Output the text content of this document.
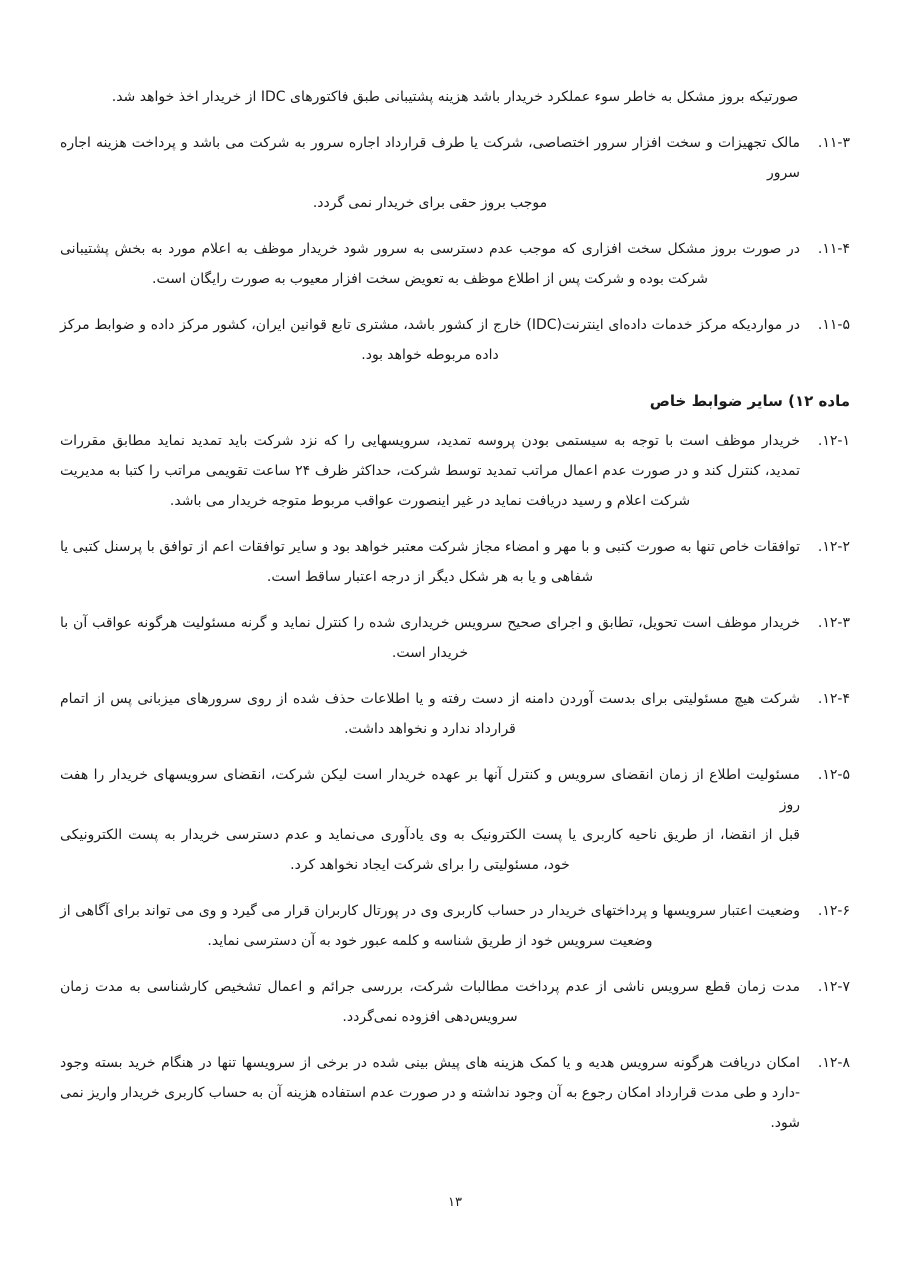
صورتیکه بروز مشکل به خاطر سوء عملکرد خریدار باشد هزینه پشتیبانی طبق فاکتورهای IDC از خریدار اخذ خواهد شد.

۱۱-۳.
مالک تجهیزات و سخت افزار سرور اختصاصی، شرکت یا طرف قرارداد اجاره سرور به شرکت می باشد و پرداخت هزینه اجاره سرور
موجب بروز حقی برای خریدار نمی گردد.
۱۱-۴.
در صورت بروز مشکل سخت افزاری که موجب عدم دسترسی به سرور شود خریدار موظف به اعلام مورد به بخش پشتیبانی
شرکت بوده و شرکت پس از اطلاع موظف به تعویض سخت افزار معیوب به صورت رایگان است.
۱۱-۵.
در مواردیکه مرکز خدمات داده‌ای اینترنت(IDC) خارج از کشور باشد، مشتری تابع قوانین ایران، کشور مرکز داده و ضوابط مرکز
داده مربوطه خواهد بود.
ماده ۱۲) سایر ضوابط خاص
۱۲-۱.
خریدار موظف است با توجه به سیستمی بودن پروسه تمدید، سرویسهایی را که نزد شرکت باید تمدید نماید مطابق مقررات
تمدید، کنترل کند و در صورت عدم اعمال مراتب تمدید توسط شرکت، حداکثر ظرف ۲۴ ساعت تقویمی مراتب را کتبا به مدیریت
شرکت اعلام و رسید دریافت نماید در غیر اینصورت عواقب مربوط متوجه خریدار می باشد.
۱۲-۲.
توافقات خاص تنها به صورت کتبی و با مهر و امضاء مجاز شرکت معتبر خواهد بود و سایر توافقات اعم از توافق با پرسنل کتبی یا
شفاهی و یا به هر شکل دیگر از درجه اعتبار ساقط است.
۱۲-۳.
خریدار موظف است تحویل، تطابق و اجرای صحیح سرویس خریداری شده را کنترل نماید و گرنه مسئولیت هرگونه عواقب آن با
خریدار است.
۱۲-۴.
شرکت هیچ مسئولیتی برای بدست آوردن دامنه از دست رفته و یا اطلاعات حذف شده از روی سرورهای میزبانی پس از اتمام
قرارداد ندارد و نخواهد داشت.
۱۲-۵.
مسئولیت اطلاع از زمان انقضای سرویس و کنترل آنها بر عهده خریدار است لیکن شرکت، انقضای سرویسهای خریدار را هفت روز
قبل از انقضا، از طریق ناحیه کاربری یا پست الکترونیک به وی یادآوری می‌نماید و عدم دسترسی خریدار به پست الکترونیکی
خود، مسئولیتی را برای شرکت ایجاد نخواهد کرد.
۱۲-۶.
وضعیت اعتبار سرویسها و پرداختهای خریدار در حساب کاربری وی در پورتال کاربران قرار می گیرد و وی می تواند برای آگاهی از
وضعیت سرویس خود از طریق شناسه و کلمه عبور خود به آن دسترسی نماید.
۱۲-۷.
مدت زمان قطع سرویس ناشی از عدم پرداخت مطالبات شرکت، بررسی جرائم و اعمال تشخیص کارشناسی به مدت زمان
سرویس‌دهی افزوده نمی‌گردد.
۱۲-۸.
امکان دریافت هرگونه سرویس هدیه و یا کمک هزینه های پیش بینی شده در برخی از سرویسها تنها در هنگام خرید بسته وجود
-دارد و طی مدت قرارداد امکان رجوع به آن وجود نداشته و در صورت عدم استفاده هزینه آن به حساب کاربری خریدار واریز نمی
شود.
۱۳
